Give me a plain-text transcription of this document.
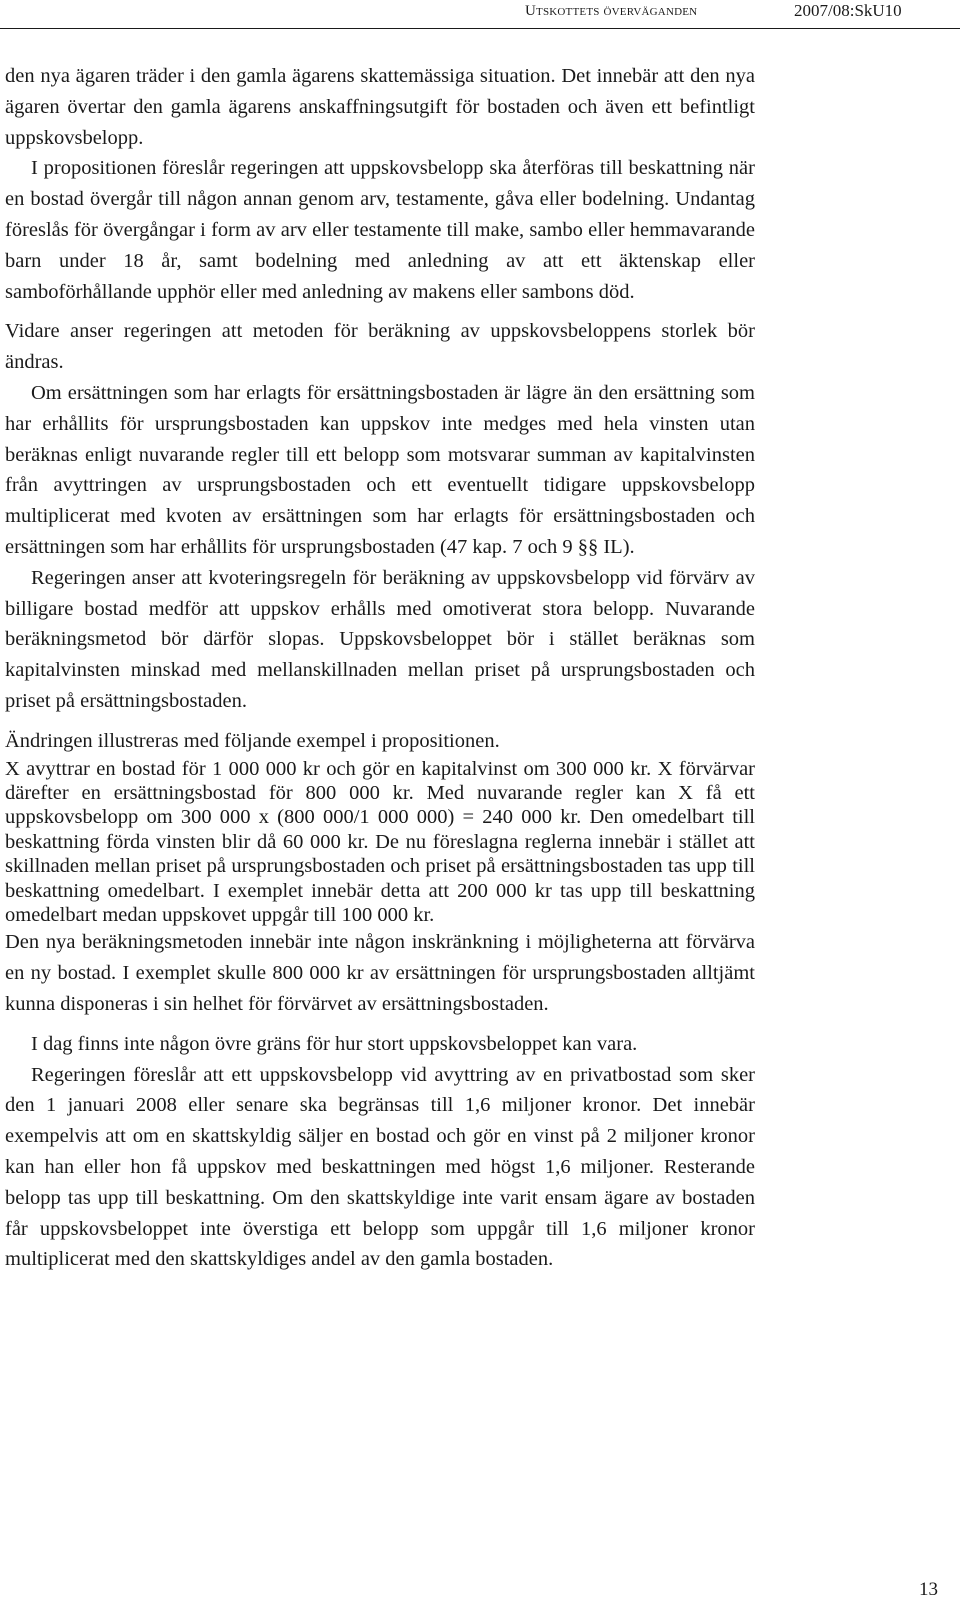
Utskottets överväganden	2007/08:SkU10

den nya ägaren träder i den gamla ägarens skattemässiga situation. Det innebär att den nya ägaren övertar den gamla ägarens anskaffningsutgift för bostaden och även ett befintligt uppskovsbelopp.

I propositionen föreslår regeringen att uppskovsbelopp ska återföras till beskattning när en bostad övergår till någon annan genom arv, testamente, gåva eller bodelning. Undantag föreslås för övergångar i form av arv eller testamente till make, sambo eller hemmavarande barn under 18 år, samt bodelning med anledning av att ett äktenskap eller samboförhållande upphör eller med anledning av makens eller sambons död.

Vidare anser regeringen att metoden för beräkning av uppskovsbeloppens storlek bör ändras.

Om ersättningen som har erlagts för ersättningsbostaden är lägre än den ersättning som har erhållits för ursprungsbostaden kan uppskov inte medges med hela vinsten utan beräknas enligt nuvarande regler till ett belopp som motsvarar summan av kapitalvinsten från avyttringen av ursprungsbostaden och ett eventuellt tidigare uppskovsbelopp multiplicerat med kvoten av ersättningen som har erlagts för ersättningsbostaden och ersättningen som har erhållits för ursprungsbostaden (47 kap. 7 och 9 §§ IL).

Regeringen anser att kvoteringsregeln för beräkning av uppskovsbelopp vid förvärv av billigare bostad medför att uppskov erhålls med omotiverat stora belopp. Nuvarande beräkningsmetod bör därför slopas. Uppskovsbeloppet bör i stället beräknas som kapitalvinsten minskad med mellanskillnaden mellan priset på ursprungsbostaden och priset på ersättningsbostaden.

Ändringen illustreras med följande exempel i propositionen.

X avyttrar en bostad för 1 000 000 kr och gör en kapitalvinst om 300 000 kr. X förvärvar därefter en ersättningsbostad för 800 000 kr. Med nuvarande regler kan X få ett uppskovsbelopp om 300 000 x (800 000/1 000 000) = 240 000 kr. Den omedelbart till beskattning förda vinsten blir då 60 000 kr. De nu föreslagna reglerna innebär i stället att skillnaden mellan priset på ursprungsbostaden och priset på ersättningsbostaden tas upp till beskattning omedelbart. I exemplet innebär detta att 200 000 kr tas upp till beskattning omedelbart medan uppskovet uppgår till 100 000 kr.

Den nya beräkningsmetoden innebär inte någon inskränkning i möjligheterna att förvärva en ny bostad. I exemplet skulle 800 000 kr av ersättningen för ursprungsbostaden alltjämt kunna disponeras i sin helhet för förvärvet av ersättningsbostaden.

I dag finns inte någon övre gräns för hur stort uppskovsbeloppet kan vara.

Regeringen föreslår att ett uppskovsbelopp vid avyttring av en privatbostad som sker den 1 januari 2008 eller senare ska begränsas till 1,6 miljoner kronor. Det innebär exempelvis att om en skattskyldig säljer en bostad och gör en vinst på 2 miljoner kronor kan han eller hon få uppskov med beskattningen med högst 1,6 miljoner. Resterande belopp tas upp till beskattning. Om den skattskyldige inte varit ensam ägare av bostaden får uppskovsbeloppet inte överstiga ett belopp som uppgår till 1,6 miljoner kronor multiplicerat med den skattskyldiges andel av den gamla bostaden.

13
